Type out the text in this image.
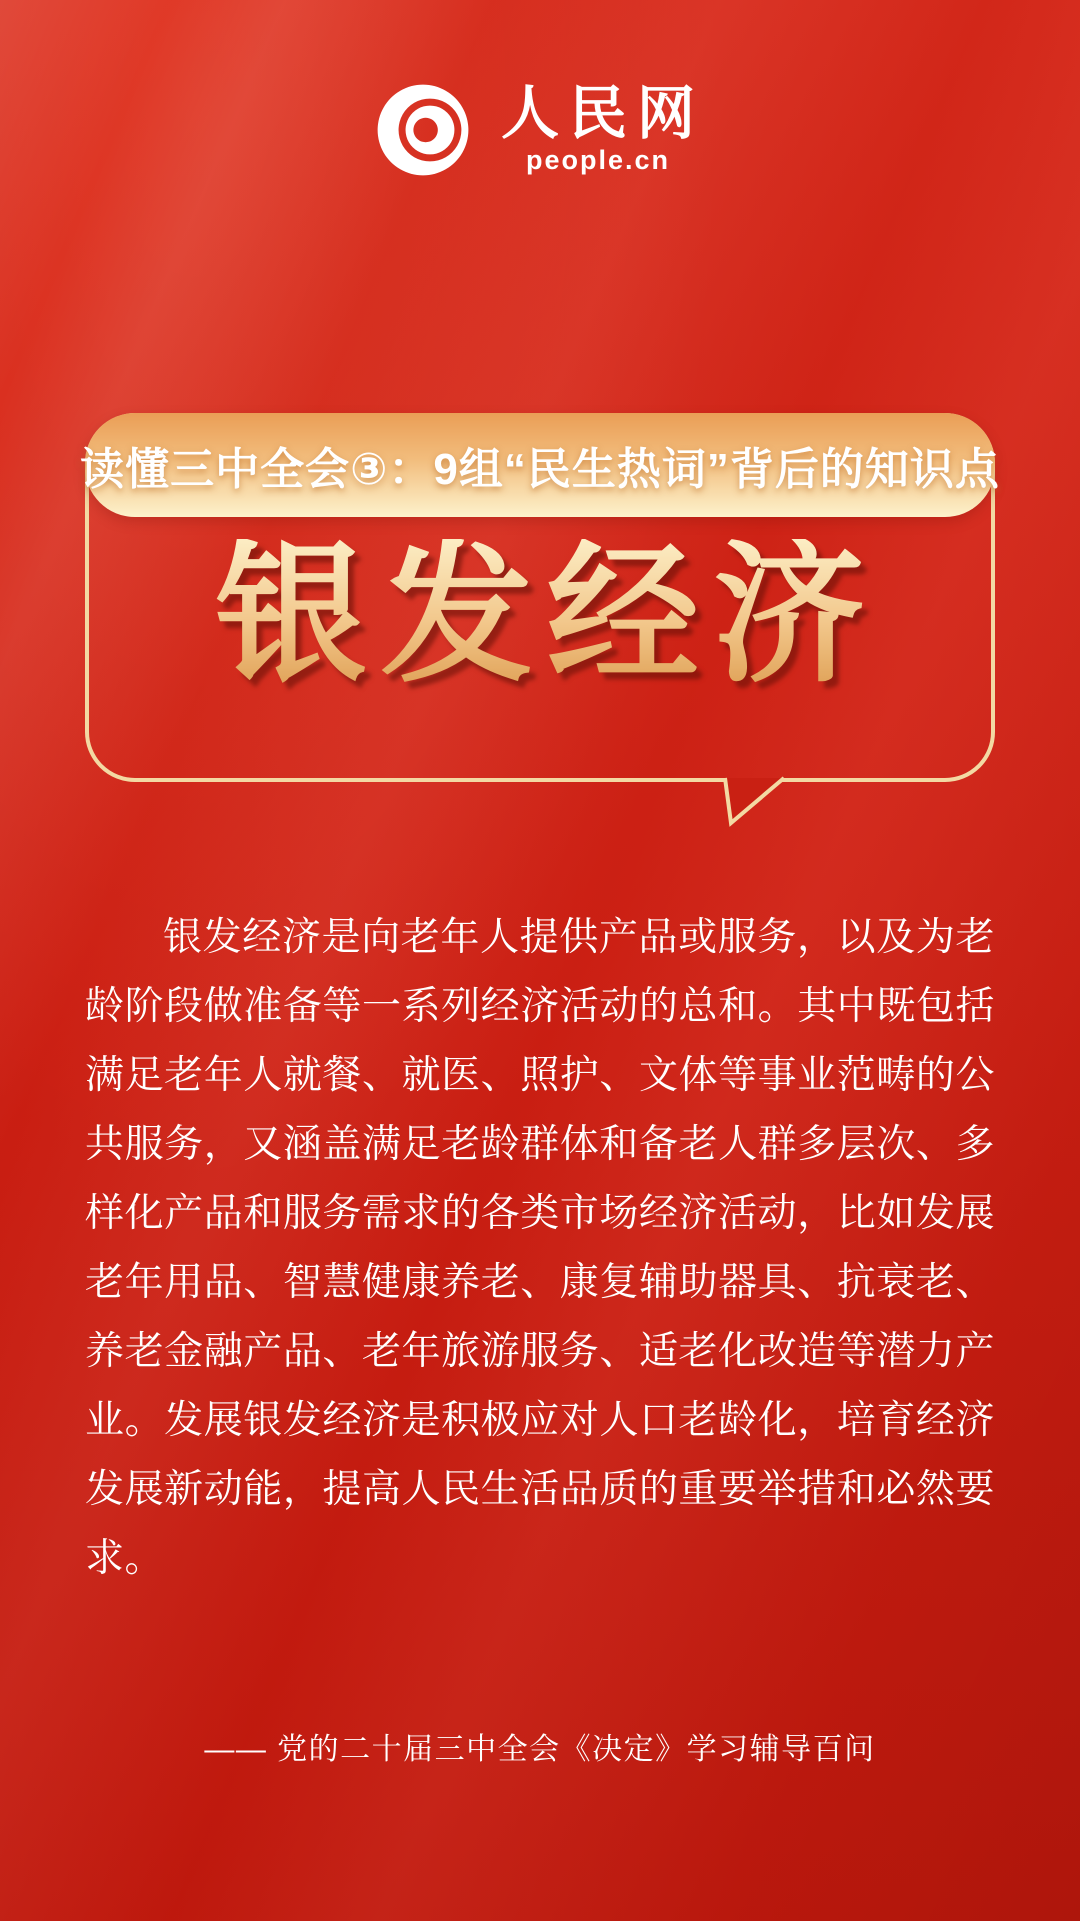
人民网
people.cn
读懂三中全会③：9组“民生热词”背后的知识点
银发经济
银发经济是向老年人提供产品或服务，以及为老龄阶段做准备等一系列经济活动的总和。其中既包括满足老年人就餐、就医、照护、文体等事业范畴的公共服务，又涵盖满足老龄群体和备老人群多层次、多样化产品和服务需求的各类市场经济活动，比如发展老年用品、智慧健康养老、康复辅助器具、抗衰老、养老金融产品、老年旅游服务、适老化改造等潜力产业。发展银发经济是积极应对人口老龄化，培育经济发展新动能，提高人民生活品质的重要举措和必然要求。
—— 党的二十届三中全会《决定》学习辅导百问
